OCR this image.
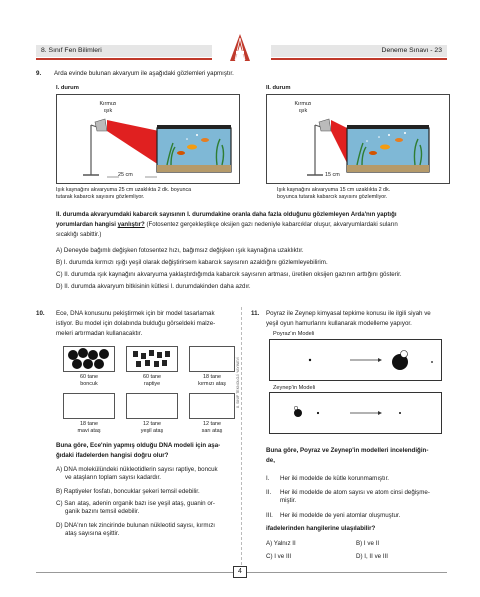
8. Sınıf Fen Bilimleri	Deneme Sınavı - 23
9. Arda evinde bulunan akvaryum ile aşağıdaki gözlemleri yapmıştır.
I. durum
Kırmızı
ışık
25 cm
Işık kaynağını akvaryuma 25 cm uzaklıkta 2 dk. boyunca
tutarak kabarcık sayısını gözlemliyor.
II. durum
Kırmızı
ışık
15 cm
Işık kaynağını akvaryuma 15 cm uzaklıkta 2 dk.
boyunca tutarak kabarcık sayısını gözlemliyor.
II. durumda akvaryumdaki kabarcık sayısının I. durumdakine oranla daha fazla olduğunu gözlemleyen Arda'nın yaptığı
yorumlardan hangisi yanlıştır? (Fotosentez gerçekleştikçe oksijen gazı nedeniyle kabarcıklar oluşur, akvaryumlardaki suların
sıcaklığı sabittir.)
A) Deneyde bağımlı değişken fotosentez hızı, bağımsız değişken ışık kaynağına uzaklıktır.
B) I. durumda kırmızı ışığı yeşil olarak değiştirirsem kabarcık sayısının azaldığını gözlemleyebilirim.
C) II. durumda ışık kaynağını akvaryuma yaklaştırdığımda kabarcık sayısının artması, üretilen oksijen gazının arttığını gösterir.
D) II. durumda akvaryum bitkisinin kütlesi I. durumdakinden daha azdır.
8. SINIF TEKNOLOJİ YAYINEVİ
10. Ece, DNA konusunu pekiştirmek için bir model tasarlamak
istiyor. Bu model için dolabında bulduğu görseldeki malze-
meleri artırmadan kullanacaktır.
60 tane
boncuk
60 tane
raptiye
18 tane
kırmızı ataş
18 tane
mavi ataş
12 tane
yeşil ataş
12 tane
sarı ataş
Buna göre, Ece'nin yapmış olduğu DNA modeli için aşa-
ğıdaki ifadelerden hangisi doğru olur?
A) DNA molekülündeki nükleotidlerin sayısı raptiye, boncuk
ve ataşların toplam sayısı kadardır.
B) Raptiyeler fosfatı, boncuklar şekeri temsil edebilir.
C) Sarı ataş, adenin organik bazı ise yeşil ataş, guanin or-
ganik bazını temsil edebilir.
D) DNA'nın tek zincirinde bulunan nükleotid sayısı, kırmızı
ataş sayısına eşittir.
11. Poyraz ile Zeynep kimyasal tepkime konusu ile ilgili siyah ve
yeşil oyun hamurlarını kullanarak modelleme yapıyor.
Poyraz'ın Modeli
Zeynep'in Modeli
Buna göre, Poyraz ve Zeynep'in modelleri incelendiğin-
de,
I. Her iki modelde de kütle korunmamıştır.
II. Her iki modelde de atom sayısı ve atom cinsi değişme-
miştir.
III. Her iki modelde de yeni atomlar oluşmuştur.
ifadelerinden hangilerine ulaşılabilir?
A) Yalnız II	B) I ve II
C) I ve III	D) I, II ve III
4
